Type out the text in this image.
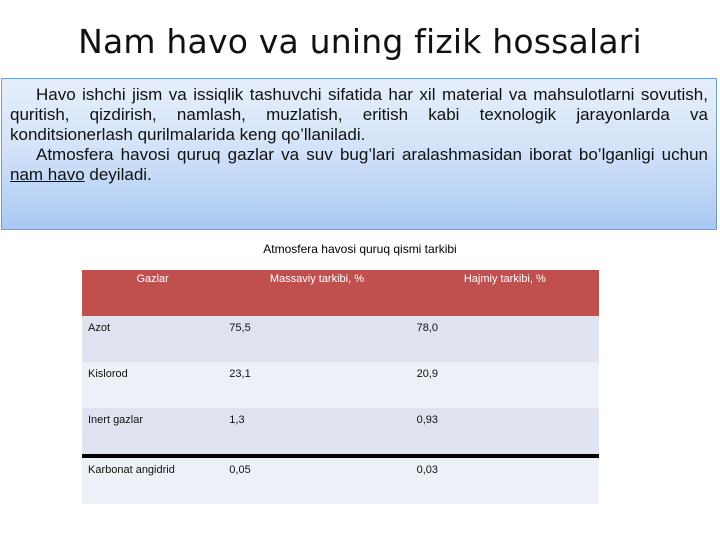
Nam havo va uning fizik hossalari

Havo ishchi jism va issiqlik tashuvchi sifatida har xil material va mahsulotlarni sovutish, quritish, qizdirish, namlash, muzlatish, eritish kabi texnologik jarayonlarda va konditsionerlash qurilmalarida keng qo’llaniladi.

Atmosfera havosi quruq gazlar va suv bug’lari aralashmasidan iborat bo’lganligi uchun nam havo deyiladi.

Atmosfera havosi quruq qismi tarkibi
Gazlar	Massaviy tarkibi, %	Hajmiy tarkibi, %
Azot	75,5	78,0
Kislorod	23,1	20,9
Inert gazlar	1,3	0,93
Karbonat angidrid	0,05	0,03
